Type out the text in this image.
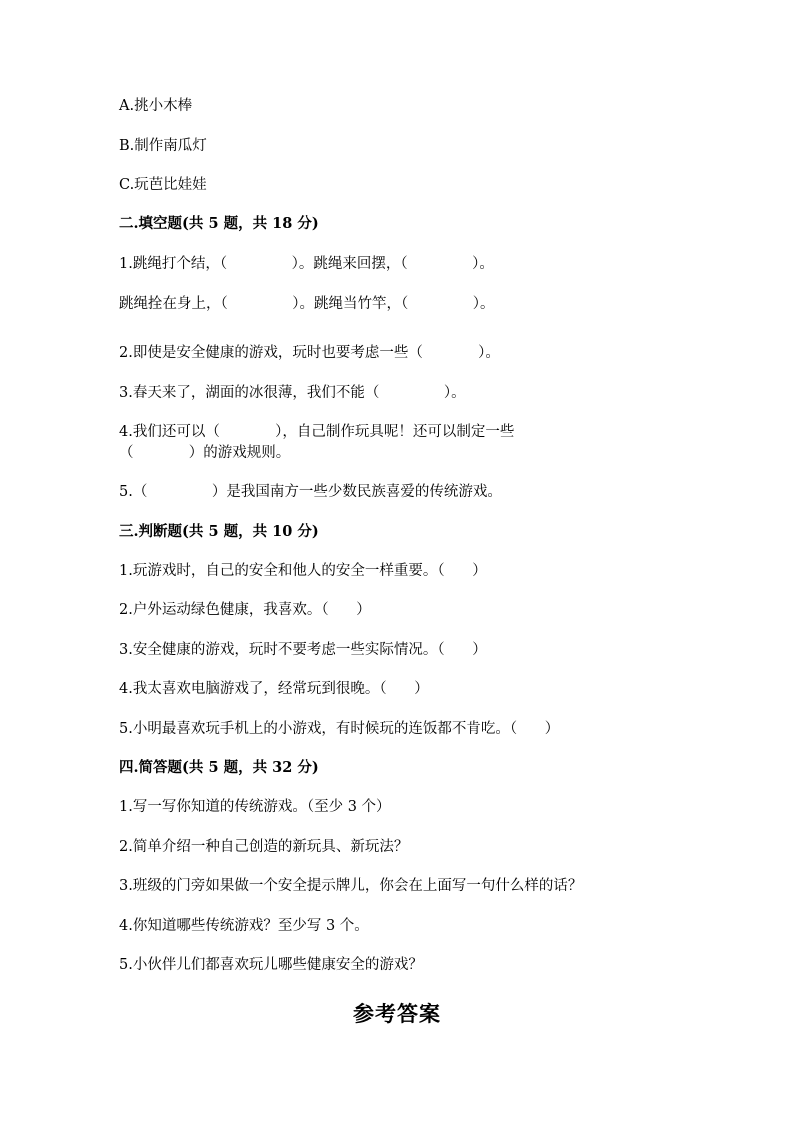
A.挑小木棒
B.制作南瓜灯
C.玩芭比娃娃
二.填空题(共 5 题，共 18 分)
1.跳绳打个结，（              ）。跳绳来回摆，（              ）。
跳绳拴在身上，（              ）。跳绳当竹竿，（              ）。
2.即使是安全健康的游戏，玩时也要考虑一些（            ）。
3.春天来了，湖面的冰很薄，我们不能（              ）。
4.我们还可以（            ），自己制作玩具呢！还可以制定一些
（            ）的游戏规则。
5.（              ）是我国南方一些少数民族喜爱的传统游戏。
三.判断题(共 5 题，共 10 分)
1.玩游戏时，自己的安全和他人的安全一样重要。（      ）
2.户外运动绿色健康，我喜欢。（      ）
3.安全健康的游戏，玩时不要考虑一些实际情况。（      ）
4.我太喜欢电脑游戏了，经常玩到很晚。（      ）
5.小明最喜欢玩手机上的小游戏，有时候玩的连饭都不肯吃。（      ）
四.简答题(共 5 题，共 32 分)
1.写一写你知道的传统游戏。（至少 3 个）
2.简单介绍一种自己创造的新玩具、新玩法？
3.班级的门旁如果做一个安全提示牌儿，你会在上面写一句什么样的话？
4.你知道哪些传统游戏？至少写 3 个。
5.小伙伴儿们都喜欢玩儿哪些健康安全的游戏？
参考答案
